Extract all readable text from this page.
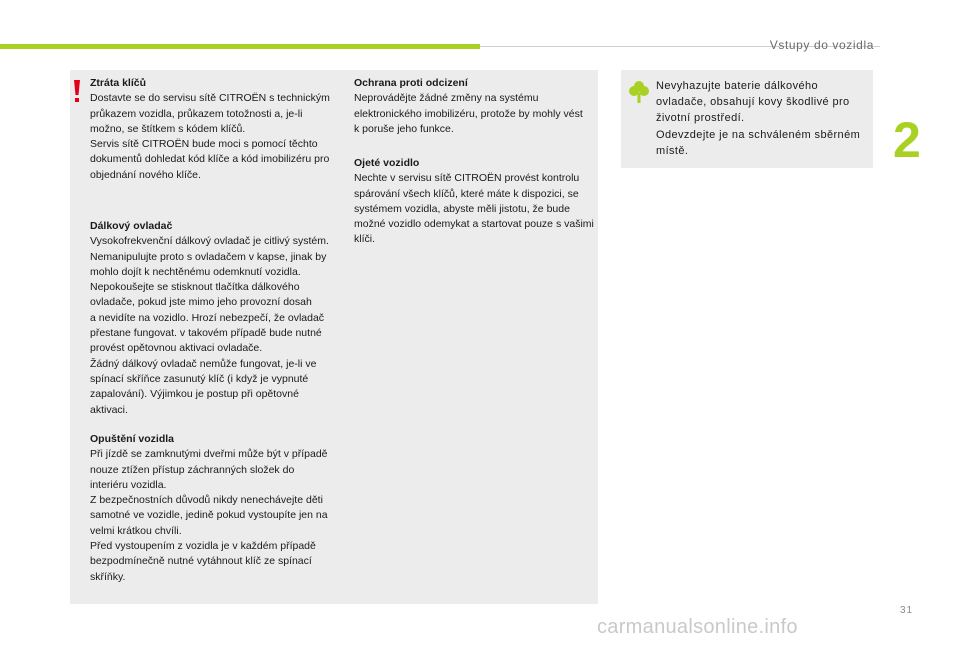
Vstupy do vozidla
2
Ztráta klíčů
Dostavte se do servisu sítě CITROËN s technickým
průkazem vozidla, průkazem totožnosti a, je-li
možno, se štítkem s kódem klíčů.
Servis sítě CITROËN bude moci s pomocí těchto
dokumentů dohledat kód klíče a kód imobilizéru pro
objednání nového klíče.
Dálkový ovladač
Vysokofrekvenční dálkový ovladač je citlivý systém.
Nemanipulujte proto s ovladačem v kapse, jinak by
mohlo dojít k nechtěnému odemknutí vozidla.
Nepokoušejte se stisknout tlačítka dálkového
ovladače, pokud jste mimo jeho provozní dosah
a nevidíte na vozidlo. Hrozí nebezpečí, že ovladač
přestane fungovat. v takovém případě bude nutné
provést opětovnou aktivaci ovladače.
Žádný dálkový ovladač nemůže fungovat, je-li ve
spínací skříňce zasunutý klíč (i když je vypnuté
zapalování). Výjimkou je postup při opětovné
aktivaci.
Opuštění vozidla
Při jízdě se zamknutými dveřmi může být v případě
nouze ztížen přístup záchranných složek do
interiéru vozidla.
Z bezpečnostních důvodů nikdy nenechávejte děti
samotné ve vozidle, jedině pokud vystoupíte jen na
velmi krátkou chvíli.
Před vystoupením z vozidla je v každém případě
bezpodmínečně nutné vytáhnout klíč ze spínací
skříňky.
Ochrana proti odcizení
Neprovádějte žádné změny na systému
elektronického imobilizéru, protože by mohly vést
k poruše jeho funkce.
Ojeté vozidlo
Nechte v servisu sítě CITROËN provést kontrolu
spárování všech klíčů, které máte k dispozici, se
systémem vozidla, abyste měli jistotu, že bude
možné vozidlo odemykat a startovat pouze s vašimi
klíči.
Nevyhazujte baterie dálkového
ovladače, obsahují kovy škodlivé pro
životní prostředí.
Odevzdejte je na schváleném sběrném
místě.
31
carmanualsonline.info
